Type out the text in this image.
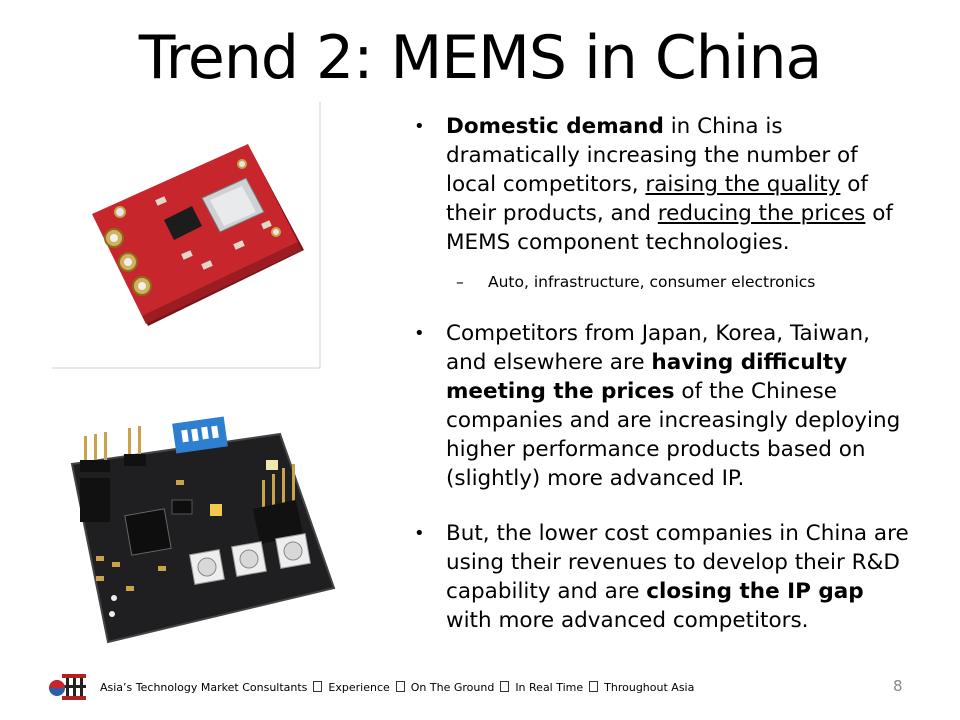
Trend 2: MEMS in China
• Domestic demand in China is dramatically increasing the number of local competitors, raising the quality of their products, and reducing the prices of MEMS component technologies.
– Auto, infrastructure, consumer electronics
• Competitors from Japan, Korea, Taiwan, and elsewhere are having difficulty meeting the prices of the Chinese companies and are increasingly deploying higher performance products based on (slightly) more advanced IP.
• But, the lower cost companies in China are using their revenues to develop their R&D capability and are closing the IP gap with more advanced competitors.
Asia’s Technology Market Consultants Experience On The Ground In Real Time Throughout Asia	8
